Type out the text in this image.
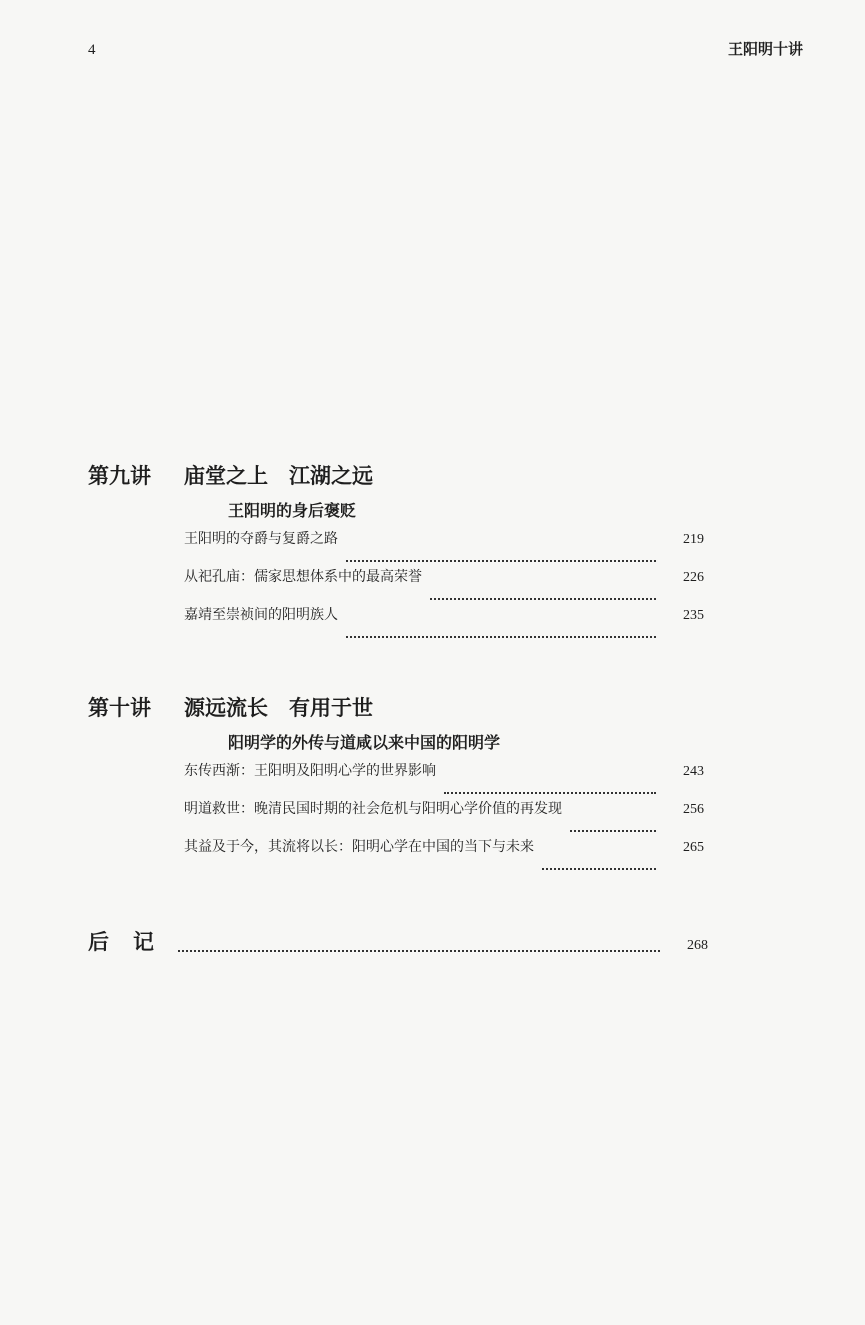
4	王阳明十讲
第九讲	庙堂之上　江湖之远
王阳明的身后褒贬
王阳明的夺爵与复爵之路	219
从祀孔庙：儒家思想体系中的最高荣誉	226
嘉靖至崇祯间的阳明族人	235
第十讲	源远流长　有用于世
阳明学的外传与道咸以来中国的阳明学
东传西渐：王阳明及阳明心学的世界影响	243
明道救世：晚清民国时期的社会危机与阳明心学价值的再发现	256
其益及于今，其流将以长：阳明心学在中国的当下与未来	265
后记	268
